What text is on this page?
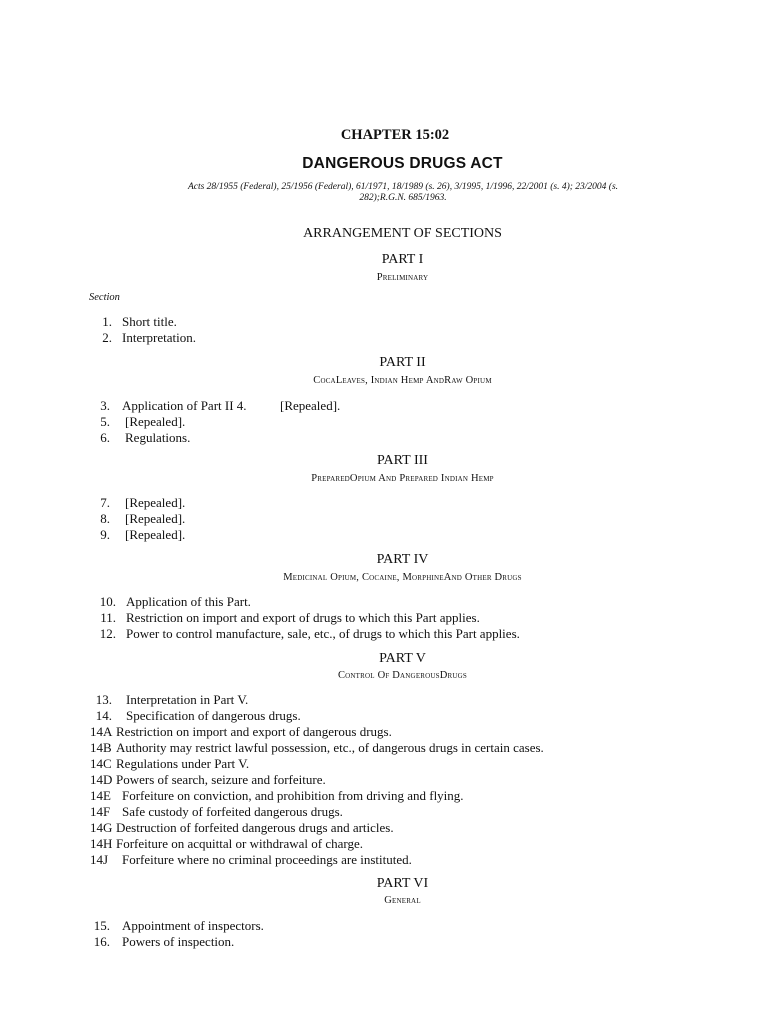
CHAPTER 15:02
DANGEROUS DRUGS ACT
Acts 28/1955 (Federal), 25/1956 (Federal), 61/1971, 18/1989 (s. 26), 3/1995, 1/1996, 22/2001 (s. 4); 23/2004 (s.
282);R.G.N. 685/1963.
ARRANGEMENT OF SECTIONS
PART I
Preliminary
Section
1. Short title.
2. Interpretation.
PART II
CocaLeaves, Indian Hemp AndRaw Opium
3. Application of Part II 4.	[Repealed].
5. [Repealed].
6. Regulations.
PART III
PreparedOpium And Prepared Indian Hemp
7. [Repealed].
8. [Repealed].
9. [Repealed].
PART IV
Medicinal Opium, Cocaine, MorphineAnd Other Drugs
10. Application of this Part.
11. Restriction on import and export of drugs to which this Part applies.
12. Power to control manufacture, sale, etc., of drugs to which this Part applies.
PART V
Control Of DangerousDrugs
13. Interpretation in Part V.
14. Specification of dangerous drugs.
14A Restriction on import and export of dangerous drugs.
14B Authority may restrict lawful possession, etc., of dangerous drugs in certain cases.
14C Regulations under Part V.
14D Powers of search, seizure and forfeiture.
14E Forfeiture on conviction, and prohibition from driving and flying.
14F Safe custody of forfeited dangerous drugs.
14G Destruction of forfeited dangerous drugs and articles.
14H Forfeiture on acquittal or withdrawal of charge.
14J Forfeiture where no criminal proceedings are instituted.
PART VI
General
15. Appointment of inspectors.
16. Powers of inspection.
